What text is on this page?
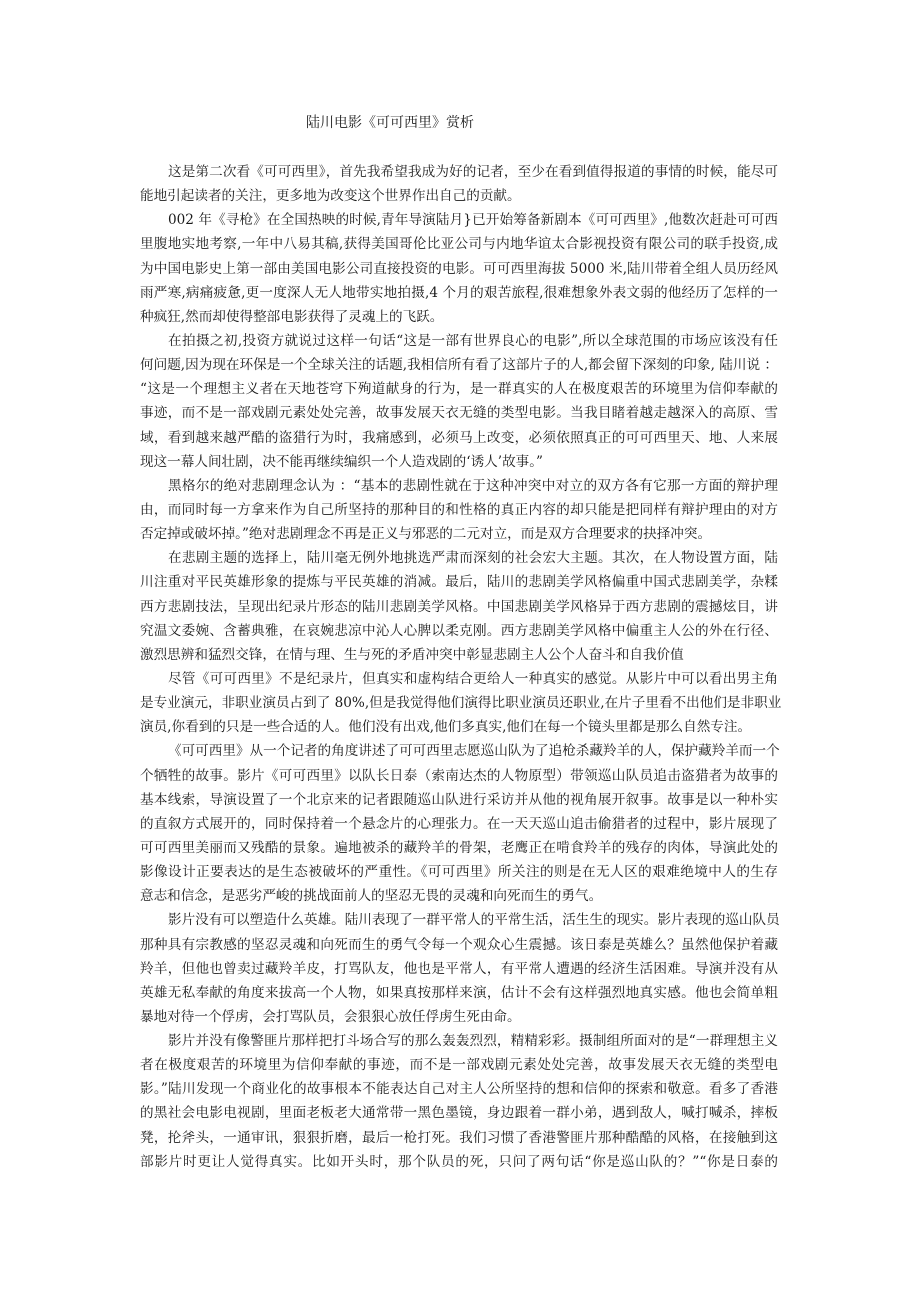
陆川电影《可可西里》赏析
这是第二次看《可可西里》，首先我希望我成为好的记者，至少在看到值得报道的事情的时候，能尽可
能地引起读者的关注，更多地为改变这个世界作出自己的贡献。
002 年《寻枪》在全国热映的时候,青年导演陆月}已开始筹备新剧本《可可西里》,他数次赶赴可可西
里腹地实地考察,一年中八易其稿,获得美国哥伦比亚公司与内地华谊太合影视投资有限公司的联手投资,成
为中国电影史上第一部由美国电影公司直接投资的电影。可可西里海拔 5000 米,陆川带着全组人员历经风
雨严寒,病痛疲惫,更一度深人无人地带实地拍摄,4 个月的艰苦旅程,很难想象外表文弱的他经历了怎样的一
种疯狂,然而却使得整部电影获得了灵魂上的飞跃。
在拍摄之初,投资方就说过这样一句话“这是一部有世界良心的电影”,所以全球范围的市场应该没有任
何问题,因为现在环保是一个全球关注的话题,我相信所有看了这部片子的人,都会留下深刻的印象, 陆川说 ：
“这是一个理想主义者在天地苍穹下殉道献身的行为，是一群真实的人在极度艰苦的环境里为信仰奉献的
事迹，而不是一部戏剧元素处处完善，故事发展天衣无缝的类型电影。当我目睹着越走越深入的高原、雪
域，看到越来越严酷的盗猎行为时，我痛感到，必须马上改变，必须依照真正的可可西里天、地、人来展
现这一幕人间壮剧，决不能再继续编织一个人造戏剧的‘诱人’故事。”
黑格尔的绝对悲剧理念认为 ：“基本的悲剧性就在于这种冲突中对立的双方各有它那一方面的辩护理
由，而同时每一方拿来作为自己所坚持的那种目的和性格的真正内容的却只能是把同样有辩护理由的对方
否定掉或破坏掉。”绝对悲剧理念不再是正义与邪恶的二元对立，而是双方合理要求的抉择冲突。
在悲剧主题的选择上，陆川毫无例外地挑选严肃而深刻的社会宏大主题。其次，在人物设置方面，陆
川注重对平民英雄形象的提炼与平民英雄的消减。最后，陆川的悲剧美学风格偏重中国式悲剧美学，杂糅
西方悲剧技法，呈现出纪录片形态的陆川悲剧美学风格。中国悲剧美学风格异于西方悲剧的震撼炫目，讲
究温文委婉、含蓄典雅，在哀婉悲凉中沁人心脾以柔克刚。西方悲剧美学风格中偏重主人公的外在行径、
激烈思辨和猛烈交锋，在情与理、生与死的矛盾冲突中彰显悲剧主人公个人奋斗和自我价值
尽管《可可西里》不是纪录片，但真实和虚构结合更给人一种真实的感觉。从影片中可以看出男主角
是专业演元，非职业演员占到了 80%,但是我觉得他们演得比职业演员还职业,在片子里看不出他们是非职业
演员,你看到的只是一些合适的人。他们没有出戏,他们多真实,他们在每一个镜头里都是那么自然专注。
《可可西里》从一个记者的角度讲述了可可西里志愿巡山队为了追枪杀藏羚羊的人，保护藏羚羊而一个
个牺牲的故事。影片《可可西里》以队长日泰（索南达杰的人物原型）带领巡山队员追击盗猎者为故事的
基本线索，导演设置了一个北京来的记者跟随巡山队进行采访并从他的视角展开叙事。故事是以一种朴实
的直叙方式展开的，同时保持着一个悬念片的心理张力。在一天天巡山追击偷猎者的过程中，影片展现了
可可西里美丽而又残酷的景象。遍地被杀的藏羚羊的骨架，老鹰正在啃食羚羊的残存的肉体，导演此处的
影像设计正要表达的是生态被破坏的严重性。《可可西里》所关注的则是在无人区的艰难绝境中人的生存
意志和信念，是恶劣严峻的挑战面前人的坚忍无畏的灵魂和向死而生的勇气。
影片没有可以塑造什么英雄。陆川表现了一群平常人的平常生活，活生生的现实。影片表现的巡山队员
那种具有宗教感的坚忍灵魂和向死而生的勇气令每一个观众心生震撼。该日泰是英雄么？虽然他保护着藏
羚羊，但他也曾卖过藏羚羊皮，打骂队友，他也是平常人，有平常人遭遇的经济生活困难。导演并没有从
英雄无私奉献的角度来拔高一个人物，如果真按那样来演，估计不会有这样强烈地真实感。他也会简单粗
暴地对待一个俘虏，会打骂队员，会狠狠心放任俘虏生死由命。
影片并没有像警匪片那样把打斗场合写的那么轰轰烈烈，精精彩彩。摄制组所面对的是“一群理想主义
者在极度艰苦的环境里为信仰奉献的事迹，而不是一部戏剧元素处处完善，故事发展天衣无缝的类型电
影。”陆川发现一个商业化的故事根本不能表达自己对主人公所坚持的想和信仰的探索和敬意。看多了香港
的黑社会电影电视剧，里面老板老大通常带一黑色墨镜，身边跟着一群小弟，遇到敌人，喊打喊杀，摔板
凳，抡斧头，一通审讯，狠狠折磨，最后一枪打死。我们习惯了香港警匪片那种酷酷的风格，在接触到这
部影片时更让人觉得真实。比如开头时，那个队员的死，只问了两句话“你是巡山队的？”“你是日泰的
